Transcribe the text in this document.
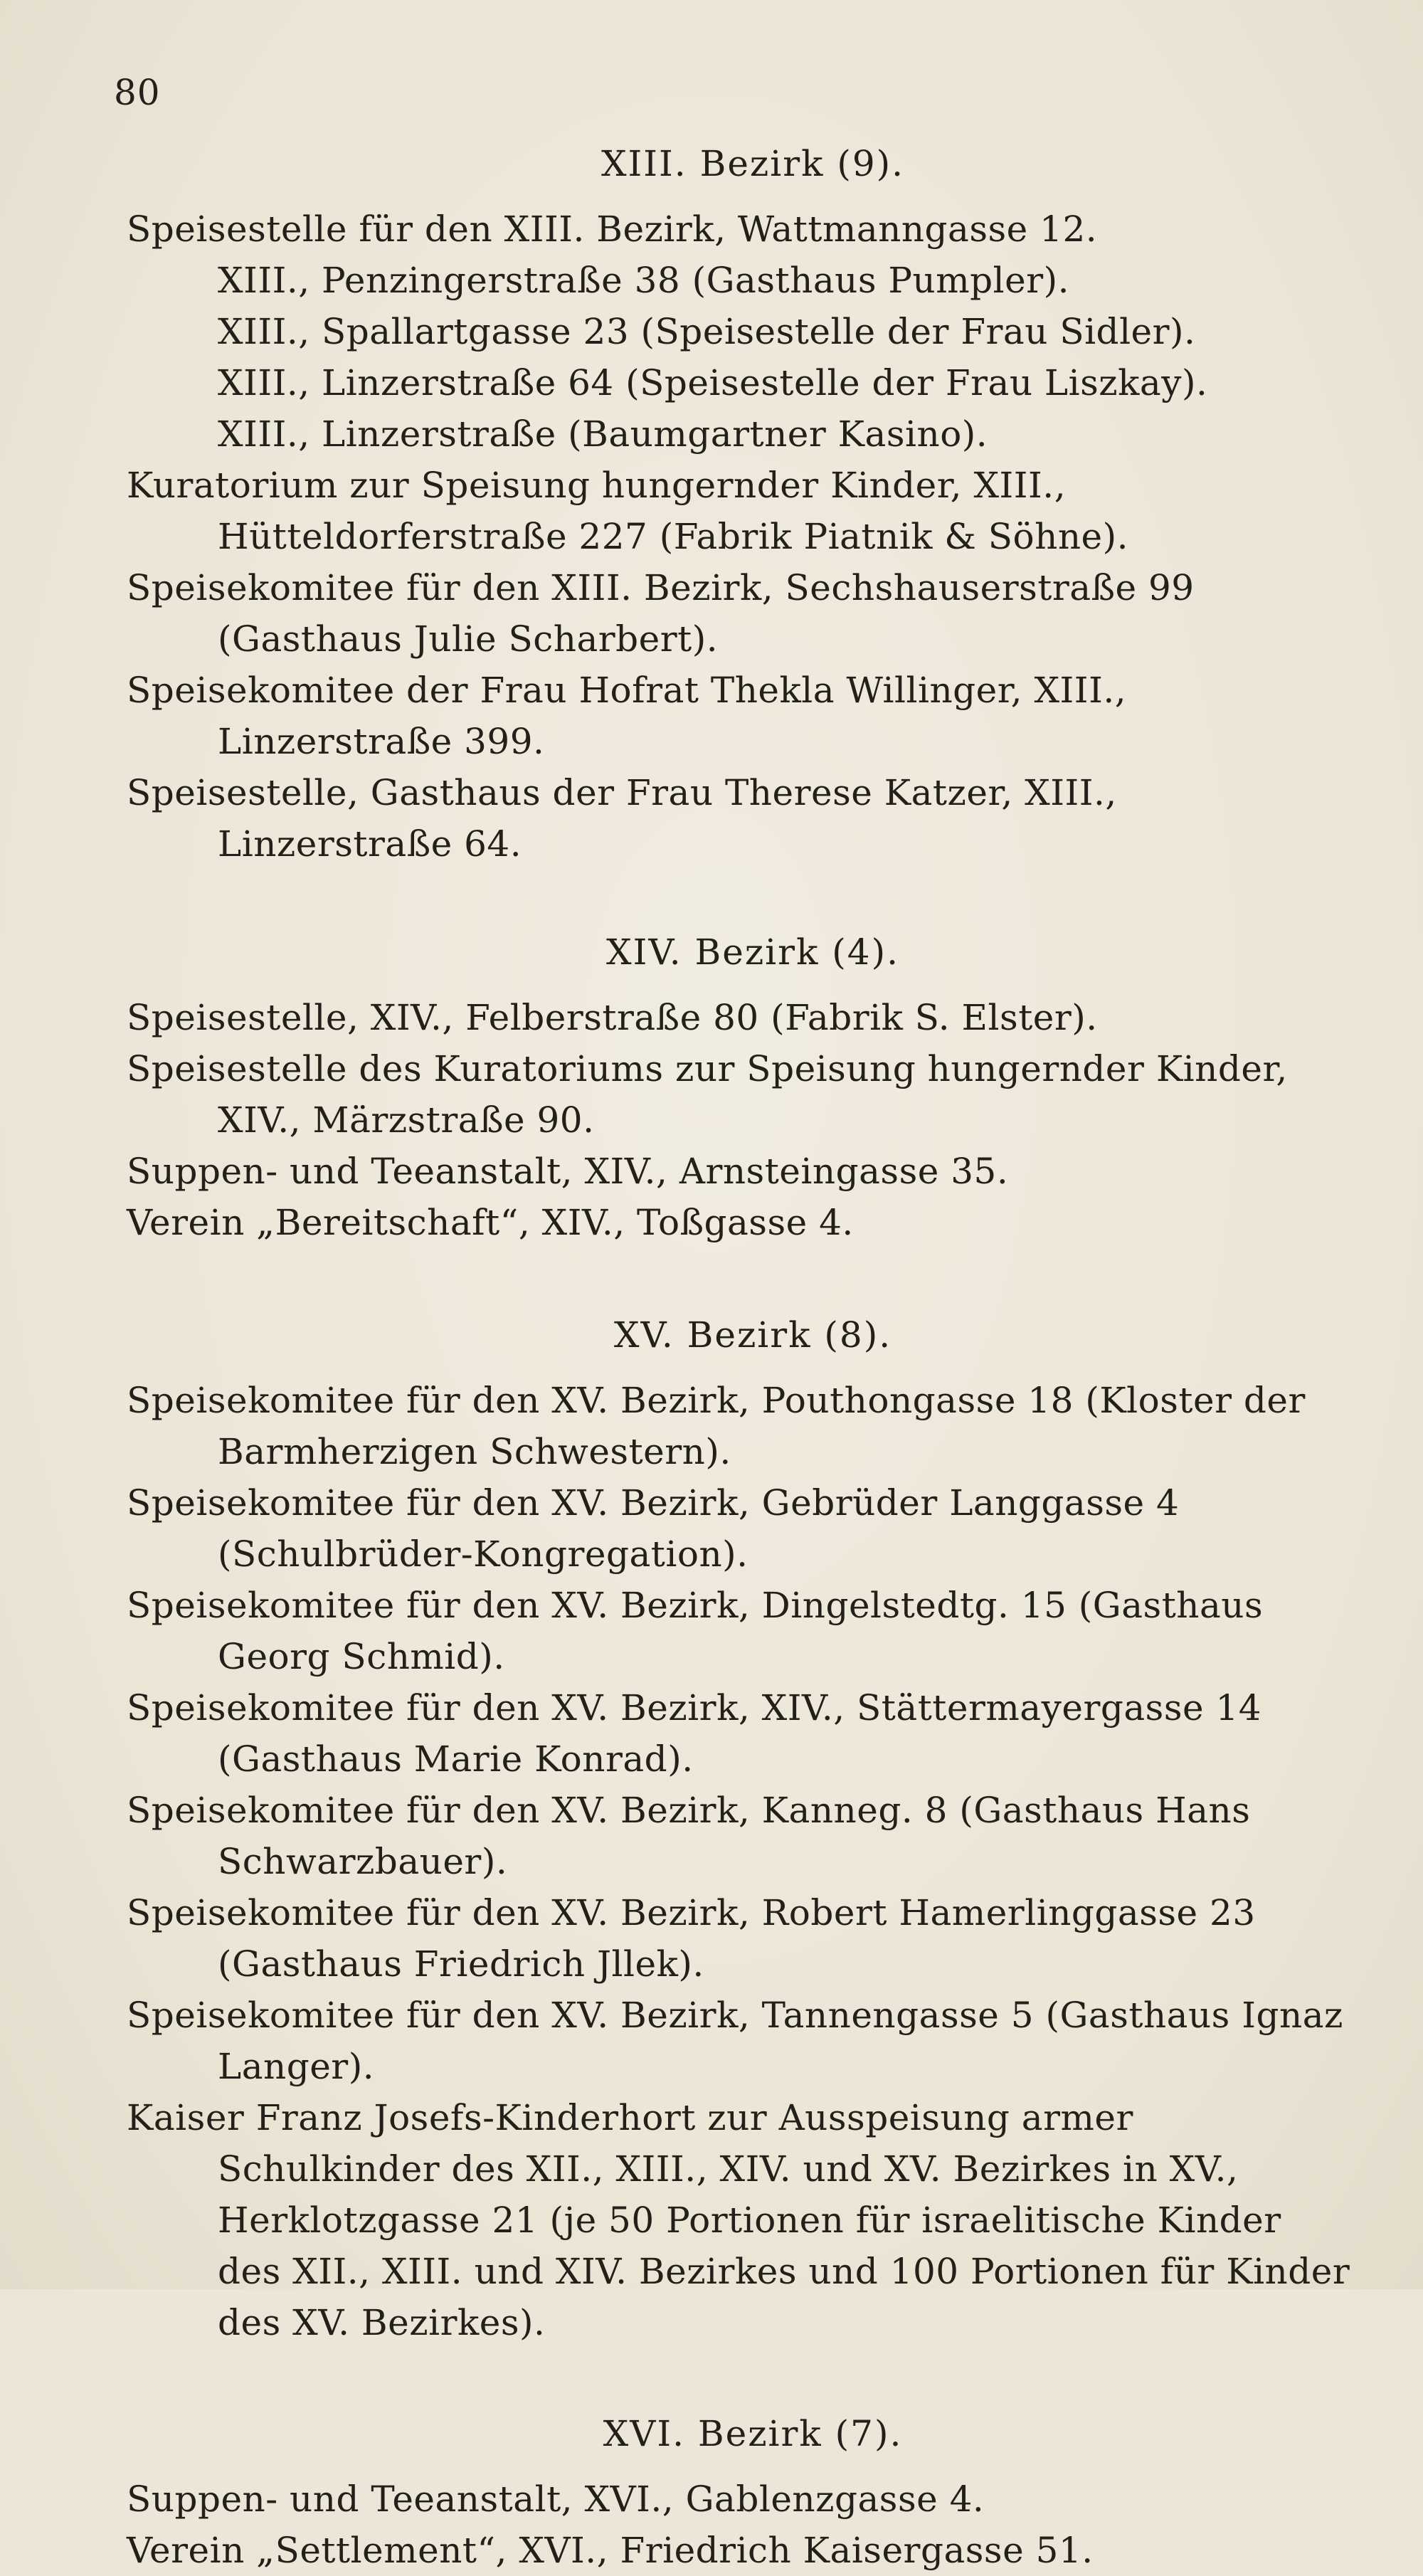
80
XIII. Bezirk (9).

Speisestelle für den XIII. Bezirk, Wattmanngasse 12.
XIII., Penzingerstraße 38 (Gasthaus Pumpler).
XIII., Spallartgasse 23 (Speisestelle der Frau Sidler).
XIII., Linzerstraße 64 (Speisestelle der Frau Liszkay).
XIII., Linzerstraße (Baumgartner Kasino).

Kuratorium zur Speisung hungernder Kinder, XIII., Hütteldorferstraße 227 (Fabrik Piatnik & Söhne).

Speisekomitee für den XIII. Bezirk, Sechshauserstraße 99 (Gasthaus Julie Scharbert).

Speisekomitee der Frau Hofrat Thekla Willinger, XIII., Linzerstraße 399.

Speisestelle, Gasthaus der Frau Therese Katzer, XIII., Linzerstraße 64.

XIV. Bezirk (4).

Speisestelle, XIV., Felberstraße 80 (Fabrik S. Elster).

Speisestelle des Kuratoriums zur Speisung hungernder Kinder, XIV., Märzstraße 90.

Suppen- und Teeanstalt, XIV., Arnsteingasse 35.

Verein „Bereitschaft“, XIV., Toßgasse 4.

XV. Bezirk (8).

Speisekomitee für den XV. Bezirk, Pouthongasse 18 (Kloster der Barmherzigen Schwestern).

Speisekomitee für den XV. Bezirk, Gebrüder Langgasse 4 (Schulbrüder-Kongregation).

Speisekomitee für den XV. Bezirk, Dingelstedtg. 15 (Gasthaus Georg Schmid).

Speisekomitee für den XV. Bezirk, XIV., Stättermayergasse 14 (Gasthaus Marie Konrad).

Speisekomitee für den XV. Bezirk, Kanneg. 8 (Gasthaus Hans Schwarzbauer).

Speisekomitee für den XV. Bezirk, Robert Hamerlinggasse 23 (Gasthaus Friedrich Jllek).

Speisekomitee für den XV. Bezirk, Tannengasse 5 (Gasthaus Ignaz Langer).

Kaiser Franz Josefs-Kinderhort zur Ausspeisung armer Schulkinder des XII., XIII., XIV. und XV. Bezirkes in XV., Herklotzgasse 21 (je 50 Portionen für israelitische Kinder des XII., XIII. und XIV. Bezirkes und 100 Portionen für Kinder des XV. Bezirkes).

XVI. Bezirk (7).

Suppen- und Teeanstalt, XVI., Gablenzgasse 4.

Verein „Settlement“, XVI., Friedrich Kaisergasse 51.
